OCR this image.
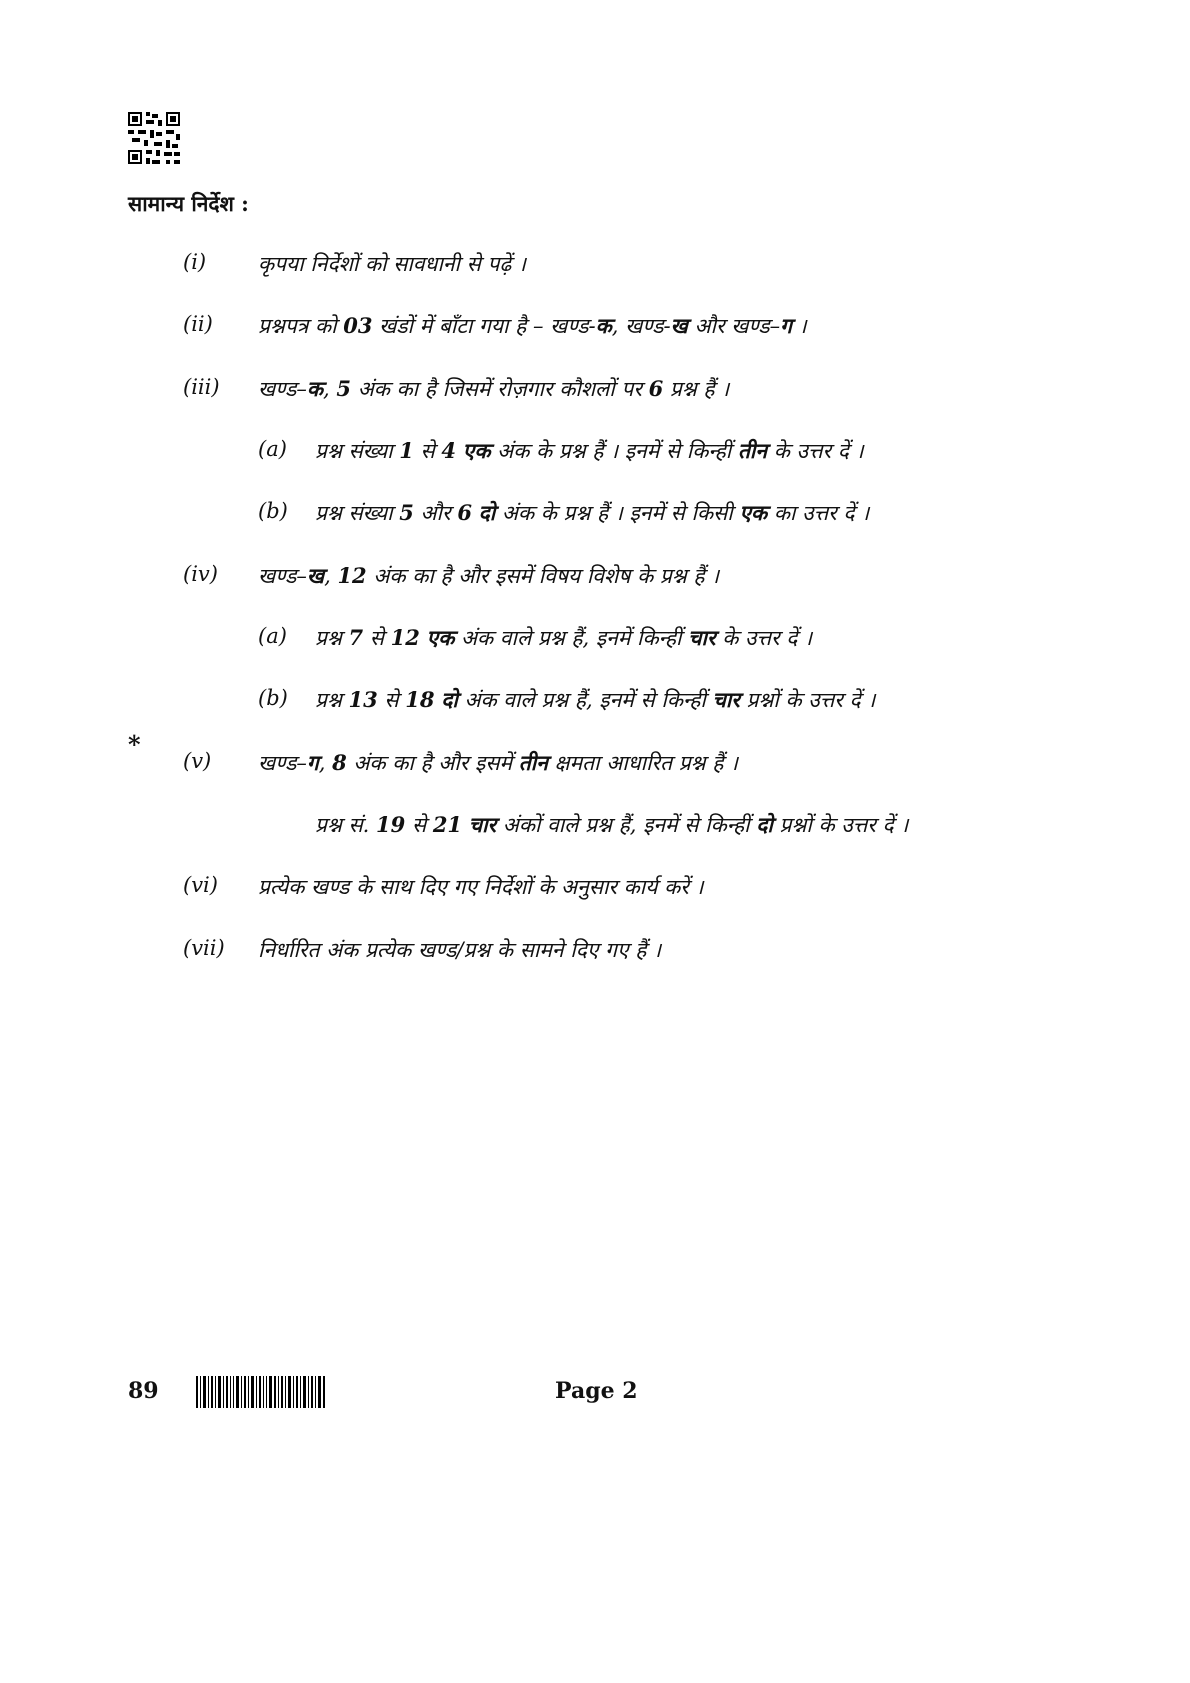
सामान्य निर्देश :
(i) कृपया निर्देशों को सावधानी से पढ़ें ।
(ii) प्रश्नपत्र को 03 खंडों में बाँटा गया है – खण्ड-क, खण्ड-ख और खण्ड–ग ।
(iii) खण्ड–क, 5 अंक का है जिसमें रोज़गार कौशलों पर 6 प्रश्न हैं ।
(a) प्रश्न संख्या 1 से 4 एक अंक के प्रश्न हैं । इनमें से किन्हीं तीन के उत्तर दें ।
(b) प्रश्न संख्या 5 और 6 दो अंक के प्रश्न हैं । इनमें से किसी एक का उत्तर दें ।
(iv) खण्ड–ख, 12 अंक का है और इसमें विषय विशेष के प्रश्न हैं ।
(a) प्रश्न 7 से 12 एक अंक वाले प्रश्न हैं, इनमें किन्हीं चार के उत्तर दें ।
(b) प्रश्न 13 से 18 दो अंक वाले प्रश्न हैं, इनमें से किन्हीं चार प्रश्नों के उत्तर दें ।
*
(v) खण्ड–ग, 8 अंक का है और इसमें तीन क्षमता आधारित प्रश्न हैं ।
प्रश्न सं. 19 से 21 चार अंकों वाले प्रश्न हैं, इनमें से किन्हीं दो प्रश्नों के उत्तर दें ।
(vi) प्रत्येक खण्ड के साथ दिए गए निर्देशों के अनुसार कार्य करें ।
(vii) निर्धारित अंक प्रत्येक खण्ड/प्रश्न के सामने दिए गए हैं ।
89	Page 2
